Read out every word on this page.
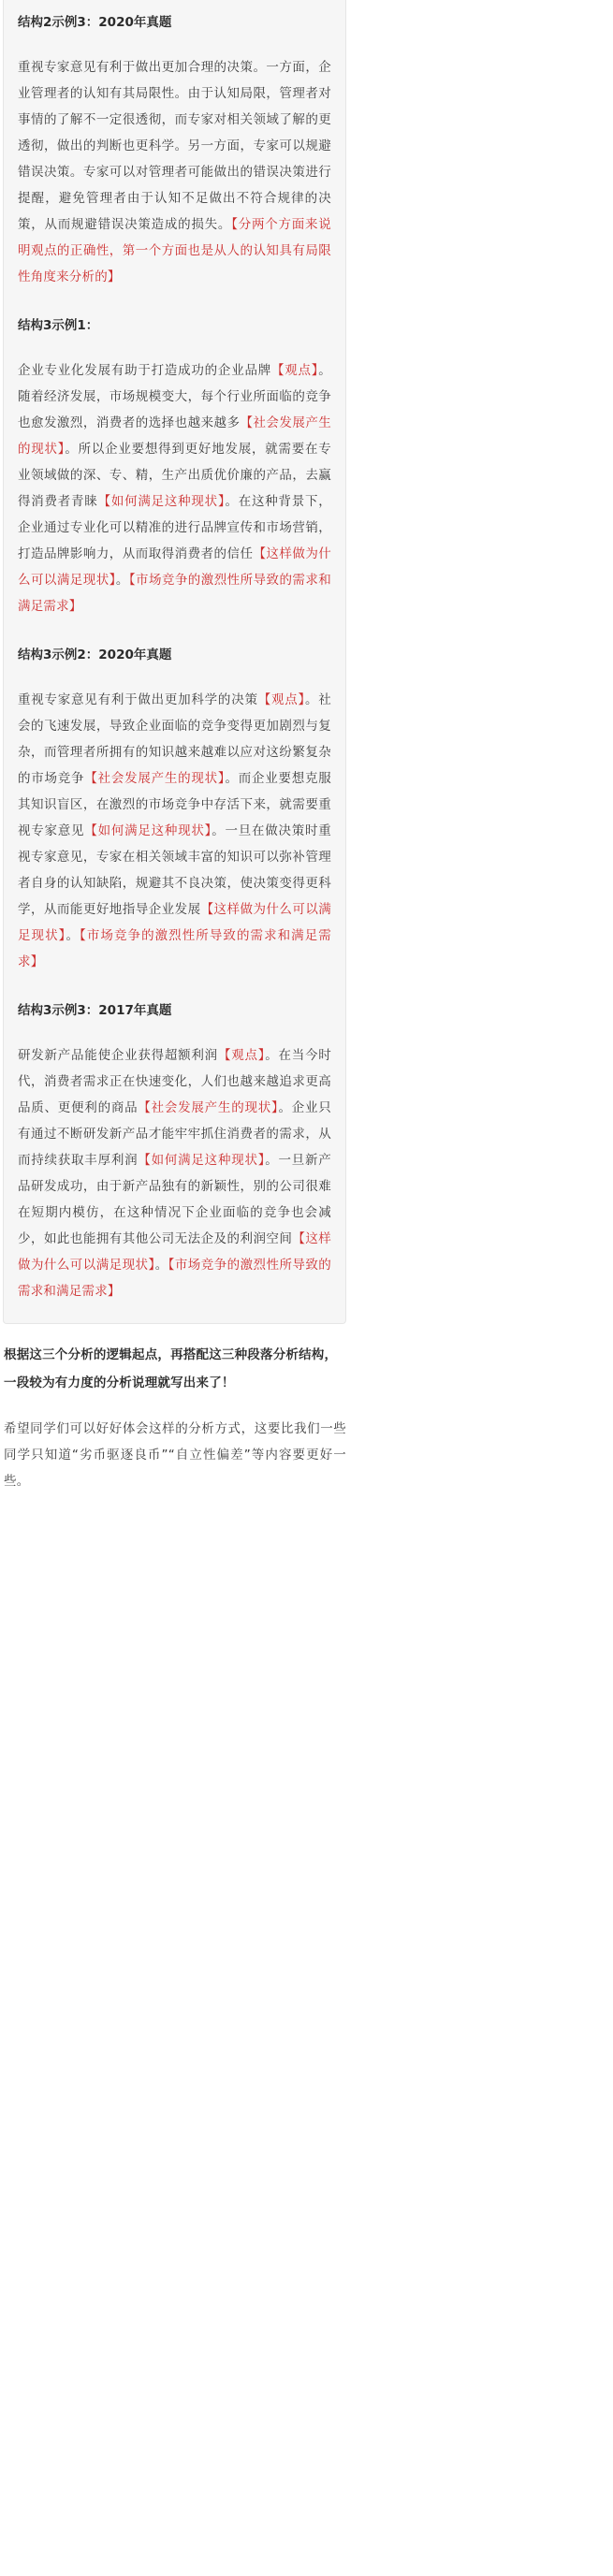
结构2示例3：2020年真题

重视专家意见有利于做出更加合理的决策。一方面，企业管理者的认知有其局限性。由于认知局限，管理者对事情的了解不一定很透彻，而专家对相关领域了解的更透彻，做出的判断也更科学。另一方面，专家可以规避错误决策。专家可以对管理者可能做出的错误决策进行提醒，避免管理者由于认知不足做出不符合规律的决策，从而规避错误决策造成的损失。【分两个方面来说明观点的正确性，第一个方面也是从人的认知具有局限性角度来分析的】

结构3示例1：

企业专业化发展有助于打造成功的企业品牌【观点】。随着经济发展，市场规模变大，每个行业所面临的竞争也愈发激烈，消费者的选择也越来越多【社会发展产生的现状】。所以企业要想得到更好地发展，就需要在专业领域做的深、专、精，生产出质优价廉的产品，去赢得消费者青睐【如何满足这种现状】。在这种背景下，企业通过专业化可以精准的进行品牌宣传和市场营销，打造品牌影响力，从而取得消费者的信任【这样做为什么可以满足现状】。【市场竞争的激烈性所导致的需求和满足需求】

结构3示例2：2020年真题

重视专家意见有利于做出更加科学的决策【观点】。社会的飞速发展，导致企业面临的竞争变得更加剧烈与复杂，而管理者所拥有的知识越来越难以应对这纷繁复杂的市场竞争【社会发展产生的现状】。而企业要想克服其知识盲区，在激烈的市场竞争中存活下来，就需要重视专家意见【如何满足这种现状】。一旦在做决策时重视专家意见，专家在相关领域丰富的知识可以弥补管理者自身的认知缺陷，规避其不良决策，使决策变得更科学，从而能更好地指导企业发展【这样做为什么可以满足现状】。【市场竞争的激烈性所导致的需求和满足需求】

结构3示例3：2017年真题

研发新产品能使企业获得超额利润【观点】。在当今时代，消费者需求正在快速变化，人们也越来越追求更高品质、更便利的商品【社会发展产生的现状】。企业只有通过不断研发新产品才能牢牢抓住消费者的需求，从而持续获取丰厚利润【如何满足这种现状】。一旦新产品研发成功，由于新产品独有的新颖性，别的公司很难在短期内模仿，在这种情况下企业面临的竞争也会减少，如此也能拥有其他公司无法企及的利润空间【这样做为什么可以满足现状】。【市场竞争的激烈性所导致的需求和满足需求】

根据这三个分析的逻辑起点，再搭配这三种段落分析结构，一段较为有力度的分析说理就写出来了！

希望同学们可以好好体会这样的分析方式，这要比我们一些同学只知道“劣币驱逐良币”“自立性偏差”等内容要更好一些。
